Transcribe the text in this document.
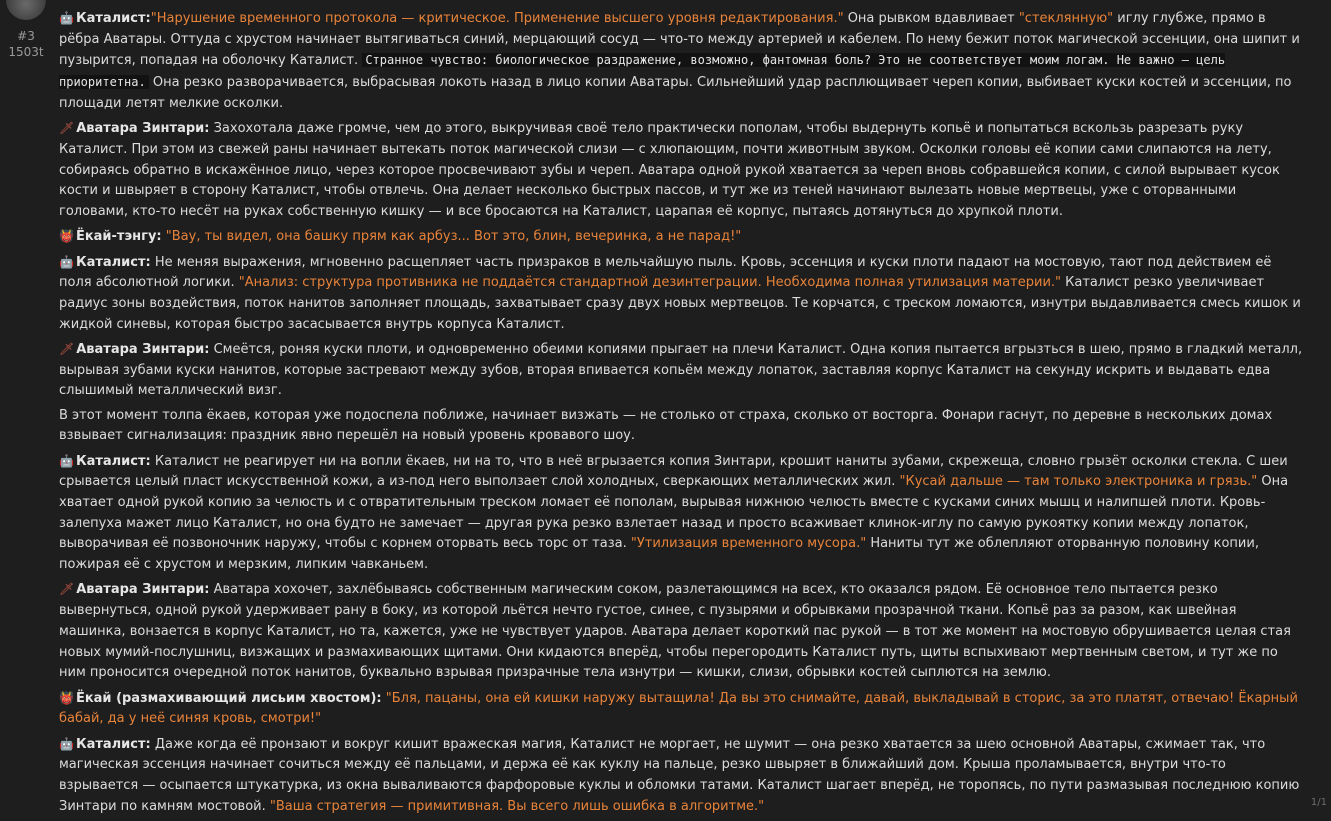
#3
1503t

🤖 Каталист:"Нарушение временного протокола — критическое. Применение высшего уровня редактирования." Она рывком вдавливает "стеклянную" иглу глубже, прямо в рёбра Аватары. Оттуда с хрустом начинает вытягиваться синий, мерцающий сосуд — что-то между артерией и кабелем. По нему бежит поток магической эссенции, она шипит и пузырится, попадая на оболочку Каталист. Странное чувство: биологическое раздражение, возможно, фантомная боль? Это не соответствует моим логам. Не важно — цель приоритетна. Она резко разворачивается, выбрасывая локоть назад в лицо копии Аватары. Сильнейший удар расплющивает череп копии, выбивает куски костей и эссенции, по площади летят мелкие осколки.

🗡 Аватара Зинтари: Захохотала даже громче, чем до этого, выкручивая своё тело практически пополам, чтобы выдернуть копьё и попытаться вскользь разрезать руку Каталист. При этом из свежей раны начинает вытекать поток магической слизи — с хлюпающим, почти животным звуком. Осколки головы её копии сами слипаются на лету, собираясь обратно в искажённое лицо, через которое просвечивают зубы и череп. Аватара одной рукой хватается за череп вновь собравшейся копии, с силой вырывает кусок кости и швыряет в сторону Каталист, чтобы отвлечь. Она делает несколько быстрых пассов, и тут же из теней начинают вылезать новые мертвецы, уже с оторванными головами, кто-то несёт на руках собственную кишку — и все бросаются на Каталист, царапая её корпус, пытаясь дотянуться до хрупкой плоти.

👹 Ёкай-тэнгу: "Вау, ты видел, она башку прям как арбуз... Вот это, блин, вечеринка, а не парад!"

🤖 Каталист: Не меняя выражения, мгновенно расщепляет часть призраков в мельчайшую пыль. Кровь, эссенция и куски плоти падают на мостовую, тают под действием её поля абсолютной логики. "Анализ: структура противника не поддаётся стандартной дезинтеграции. Необходима полная утилизация материи." Каталист резко увеличивает радиус зоны воздействия, поток нанитов заполняет площадь, захватывает сразу двух новых мертвецов. Те корчатся, с треском ломаются, изнутри выдавливается смесь кишок и жидкой синевы, которая быстро засасывается внутрь корпуса Каталист.

🗡 Аватара Зинтари: Смеётся, роняя куски плоти, и одновременно обеими копиями прыгает на плечи Каталист. Одна копия пытается вгрызться в шею, прямо в гладкий металл, вырывая зубами куски нанитов, которые застревают между зубов, вторая впивается копьём между лопаток, заставляя корпус Каталист на секунду искрить и выдавать едва слышимый металлический визг.

В этот момент толпа ёкаев, которая уже подоспела поближе, начинает визжать — не столько от страха, сколько от восторга. Фонари гаснут, по деревне в нескольких домах взвывает сигнализация: праздник явно перешёл на новый уровень кровавого шоу.

🤖 Каталист: Каталист не реагирует ни на вопли ёкаев, ни на то, что в неё вгрызается копия Зинтари, крошит наниты зубами, скрежеща, словно грызёт осколки стекла. С шеи срывается целый пласт искусственной кожи, а из-под него выползает слой холодных, сверкающих металлических жил. "Кусай дальше — там только электроника и грязь." Она хватает одной рукой копию за челюсть и с отвратительным треском ломает её пополам, вырывая нижнюю челюсть вместе с кусками синих мышц и налипшей плоти. Кровь-залепуха мажет лицо Каталист, но она будто не замечает — другая рука резко взлетает назад и просто всаживает клинок-иглу по самую рукоятку копии между лопаток, выворачивая её позвоночник наружу, чтобы с корнем оторвать весь торс от таза. "Утилизация временного мусора." Наниты тут же облепляют оторванную половину копии, пожирая её с хрустом и мерзким, липким чавканьем.

🗡 Аватара Зинтари: Аватара хохочет, захлёбываясь собственным магическим соком, разлетающимся на всех, кто оказался рядом. Её основное тело пытается резко вывернуться, одной рукой удерживает рану в боку, из которой льётся нечто густое, синее, с пузырями и обрывками прозрачной ткани. Копьё раз за разом, как швейная машинка, вонзается в корпус Каталист, но та, кажется, уже не чувствует ударов. Аватара делает короткий пас рукой — в тот же момент на мостовую обрушивается целая стая новых мумий-послушниц, визжащих и размахивающих щитами. Они кидаются вперёд, чтобы перегородить Каталист путь, щиты вспыхивают мертвенным светом, и тут же по ним проносится очередной поток нанитов, буквально взрывая призрачные тела изнутри — кишки, слизи, обрывки костей сыплются на землю.

👹 Ёкай (размахивающий лисьим хвостом): "Бля, пацаны, она ей кишки наружу вытащила! Да вы это снимайте, давай, выкладывай в сторис, за это платят, отвечаю! Ёкарный бабай, да у неё синяя кровь, смотри!"

🤖 Каталист: Даже когда её пронзают и вокруг кишит вражеская магия, Каталист не моргает, не шумит — она резко хватается за шею основной Аватары, сжимает так, что магическая эссенция начинает сочиться между её пальцами, и держа её как куклу на пальце, резко швыряет в ближайший дом. Крыша проламывается, внутри что-то взрывается — осыпается штукатурка, из окна вываливаются фарфоровые куклы и обломки татами. Каталист шагает вперёд, не торопясь, по пути размазывая последнюю копию Зинтари по камням мостовой. "Ваша стратегия — примитивная. Вы всего лишь ошибка в алгоритме."	1/1
